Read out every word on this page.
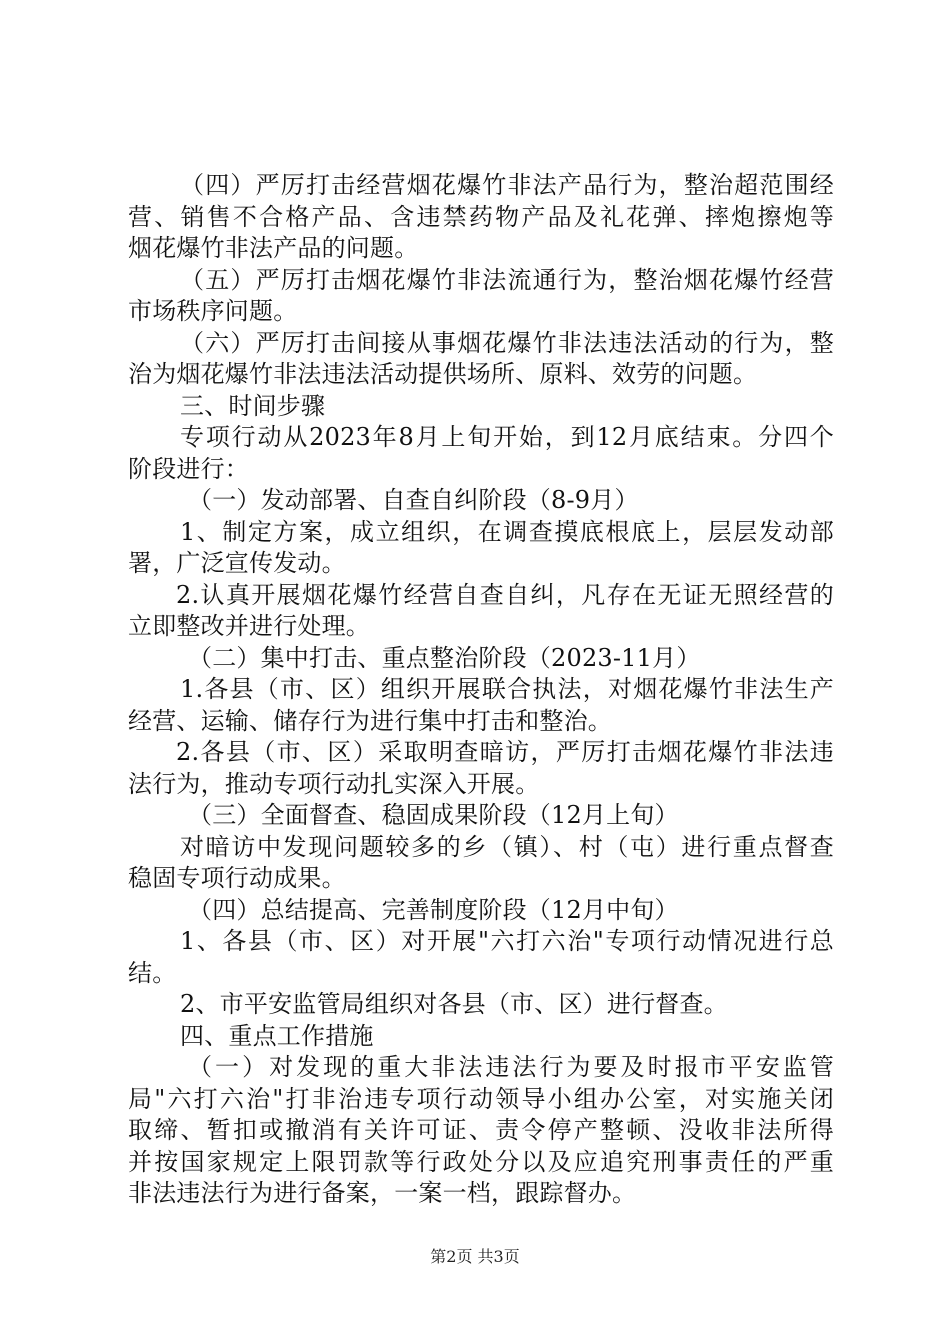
（四）严厉打击经营烟花爆竹非法产品行为，整治超范围经
营、销售不合格产品、含违禁药物产品及礼花弹、摔炮擦炮等
烟花爆竹非法产品的问题。
（五）严厉打击烟花爆竹非法流通行为，整治烟花爆竹经营
市场秩序问题。
（六）严厉打击间接从事烟花爆竹非法违法活动的行为，整
治为烟花爆竹非法违法活动提供场所、原料、效劳的问题。
三、时间步骤
专项行动从2023年8月上旬开始，到12月底结束。分四个
阶段进行：
（一）发动部署、自查自纠阶段（8-9月）
1、制定方案，成立组织，在调查摸底根底上，层层发动部
署，广泛宣传发动。
2.认真开展烟花爆竹经营自查自纠，凡存在无证无照经营的
立即整改并进行处理。
（二）集中打击、重点整治阶段（2023-11月）
1.各县（市、区）组织开展联合执法，对烟花爆竹非法生产
经营、运输、储存行为进行集中打击和整治。
2.各县（市、区）采取明查暗访，严厉打击烟花爆竹非法违
法行为，推动专项行动扎实深入开展。
（三）全面督查、稳固成果阶段（12月上旬）
对暗访中发现问题较多的乡（镇）、村（屯）进行重点督查
稳固专项行动成果。
（四）总结提高、完善制度阶段（12月中旬）
1、各县（市、区）对开展"六打六治"专项行动情况进行总
结。
2、市平安监管局组织对各县（市、区）进行督查。
四、重点工作措施
（一）对发现的重大非法违法行为要及时报市平安监管
局"六打六治"打非治违专项行动领导小组办公室，对实施关闭
取缔、暂扣或撤消有关许可证、责令停产整顿、没收非法所得
并按国家规定上限罚款等行政处分以及应追究刑事责任的严重
非法违法行为进行备案，一案一档，跟踪督办。
第2页 共3页
